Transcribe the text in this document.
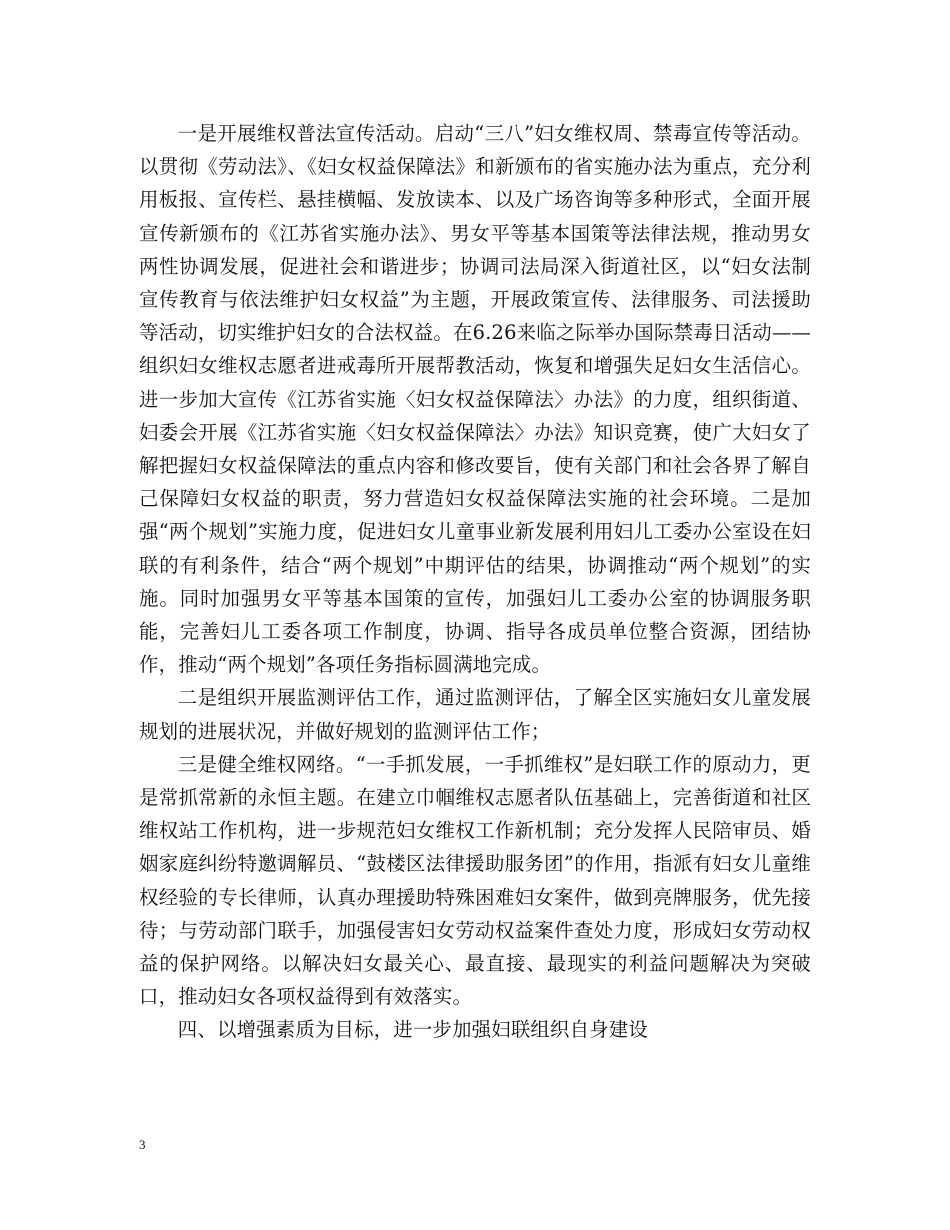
一是开展维权普法宣传活动。启动“三八”妇女维权周、禁毒宣传等活动。以贯彻《劳动法》、《妇女权益保障法》和新颁布的省实施办法为重点，充分利用板报、宣传栏、悬挂横幅、发放读本、以及广场咨询等多种形式，全面开展宣传新颁布的《江苏省实施办法》、男女平等基本国策等法律法规，推动男女两性协调发展，促进社会和谐进步；协调司法局深入街道社区，以“妇女法制宣传教育与依法维护妇女权益”为主题，开展政策宣传、法律服务、司法援助等活动，切实维护妇女的合法权益。在6.26来临之际举办国际禁毒日活动——组织妇女维权志愿者进戒毒所开展帮教活动，恢复和增强失足妇女生活信心。进一步加大宣传《江苏省实施〈妇女权益保障法〉办法》的力度，组织街道、妇委会开展《江苏省实施〈妇女权益保障法〉办法》知识竞赛，使广大妇女了解把握妇女权益保障法的重点内容和修改要旨，使有关部门和社会各界了解自己保障妇女权益的职责，努力营造妇女权益保障法实施的社会环境。二是加强“两个规划”实施力度，促进妇女儿童事业新发展利用妇儿工委办公室设在妇联的有利条件，结合“两个规划”中期评估的结果，协调推动“两个规划”的实施。同时加强男女平等基本国策的宣传，加强妇儿工委办公室的协调服务职能，完善妇儿工委各项工作制度，协调、指导各成员单位整合资源，团结协作，推动“两个规划”各项任务指标圆满地完成。

二是组织开展监测评估工作，通过监测评估，了解全区实施妇女儿童发展规划的进展状况，并做好规划的监测评估工作；

三是健全维权网络。“一手抓发展，一手抓维权”是妇联工作的原动力，更是常抓常新的永恒主题。在建立巾帼维权志愿者队伍基础上，完善街道和社区维权站工作机构，进一步规范妇女维权工作新机制；充分发挥人民陪审员、婚姻家庭纠纷特邀调解员、“鼓楼区法律援助服务团”的作用，指派有妇女儿童维权经验的专长律师，认真办理援助特殊困难妇女案件，做到亮牌服务，优先接待；与劳动部门联手，加强侵害妇女劳动权益案件查处力度，形成妇女劳动权益的保护网络。以解决妇女最关心、最直接、最现实的利益问题解决为突破口，推动妇女各项权益得到有效落实。

四、以增强素质为目标，进一步加强妇联组织自身建设

3
